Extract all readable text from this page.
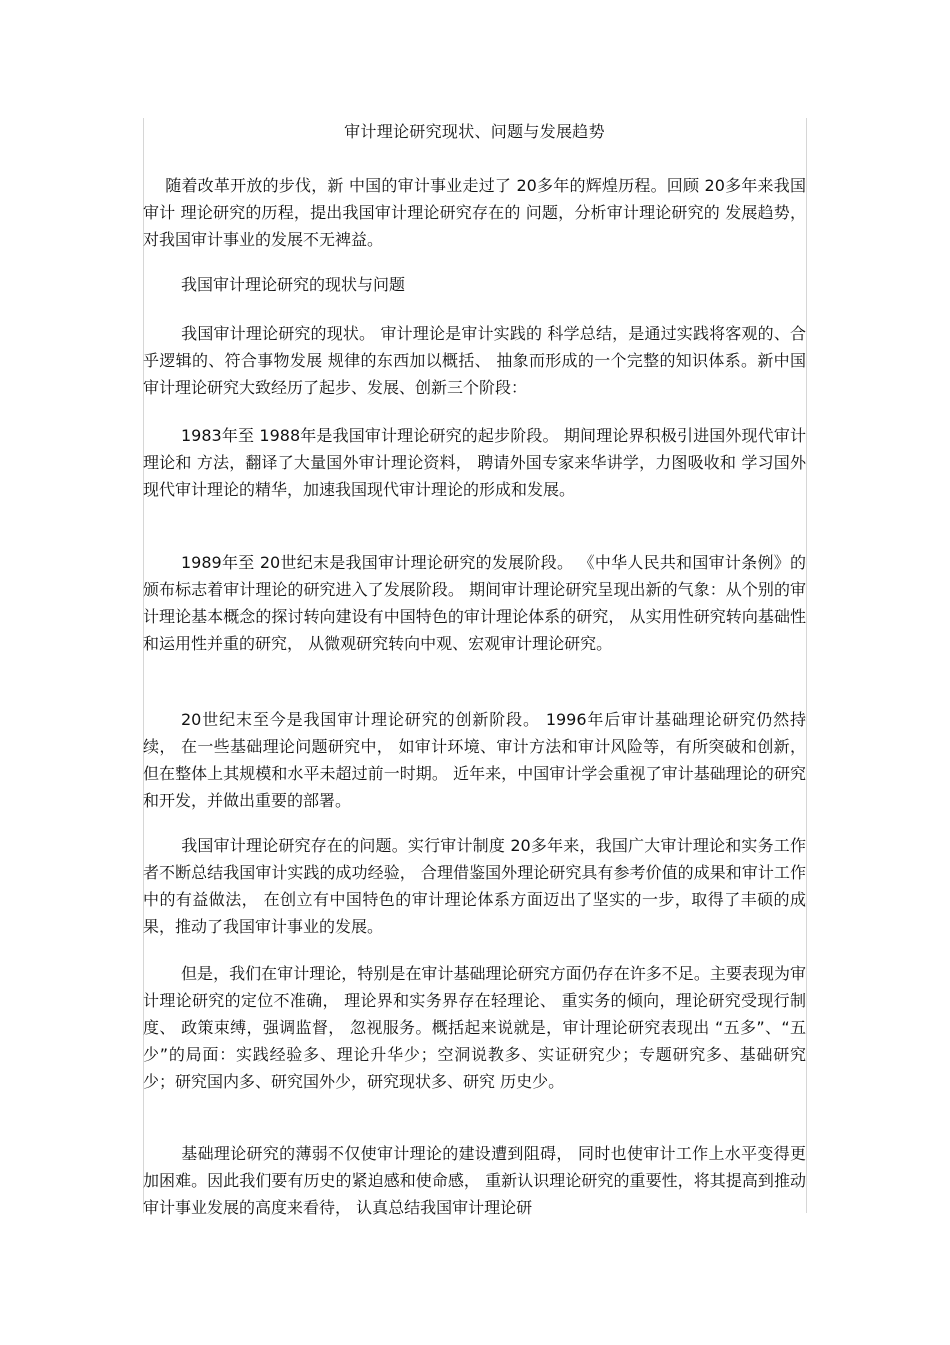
审计理论研究现状、问题与发展趋势

随着改革开放的步伐，新 中国的审计事业走过了 20多年的辉煌历程。回顾 20多年来我国审计 理论研究的历程，提出我国审计理论研究存在的 问题，分析审计理论研究的 发展趋势，对我国审计事业的发展不无裨益。

我国审计理论研究的现状与问题

我国审计理论研究的现状。 审计理论是审计实践的 科学总结，是通过实践将客观的、合乎逻辑的、符合事物发展 规律的东西加以概括、 抽象而形成的一个完整的知识体系。新中国审计理论研究大致经历了起步、发展、创新三个阶段：

1983年至 1988年是我国审计理论研究的起步阶段。 期间理论界积极引进国外现代审计理论和 方法，翻译了大量国外审计理论资料， 聘请外国专家来华讲学，力图吸收和 学习国外现代审计理论的精华，加速我国现代审计理论的形成和发展。

1989年至 20世纪末是我国审计理论研究的发展阶段。 《中华人民共和国审计条例》的颁布标志着审计理论的研究进入了发展阶段。 期间审计理论研究呈现出新的气象：从个别的审计理论基本概念的探讨转向建设有中国特色的审计理论体系的研究， 从实用性研究转向基础性和运用性并重的研究， 从微观研究转向中观、宏观审计理论研究。

20世纪末至今是我国审计理论研究的创新阶段。 1996年后审计基础理论研究仍然持续， 在一些基础理论问题研究中， 如审计环境、审计方法和审计风险等，有所突破和创新， 但在整体上其规模和水平未超过前一时期。 近年来，中国审计学会重视了审计基础理论的研究和开发，并做出重要的部署。

我国审计理论研究存在的问题。实行审计制度 20多年来，我国广大审计理论和实务工作者不断总结我国审计实践的成功经验， 合理借鉴国外理论研究具有参考价值的成果和审计工作中的有益做法， 在创立有中国特色的审计理论体系方面迈出了坚实的一步，取得了丰硕的成果，推动了我国审计事业的发展。

但是，我们在审计理论，特别是在审计基础理论研究方面仍存在许多不足。主要表现为审计理论研究的定位不准确， 理论界和实务界存在轻理论、 重实务的倾向，理论研究受现行制度、 政策束缚，强调监督， 忽视服务。概括起来说就是，审计理论研究表现出 “五多”、“五少”的局面：实践经验多、理论升华少；空洞说教多、实证研究少；专题研究多、基础研究少；研究国内多、研究国外少，研究现状多、研究 历史少。

基础理论研究的薄弱不仅使审计理论的建设遭到阻碍， 同时也使审计工作上水平变得更加困难。因此我们要有历史的紧迫感和使命感， 重新认识理论研究的重要性，将其提高到推动审计事业发展的高度来看待， 认真总结我国审计理论研
